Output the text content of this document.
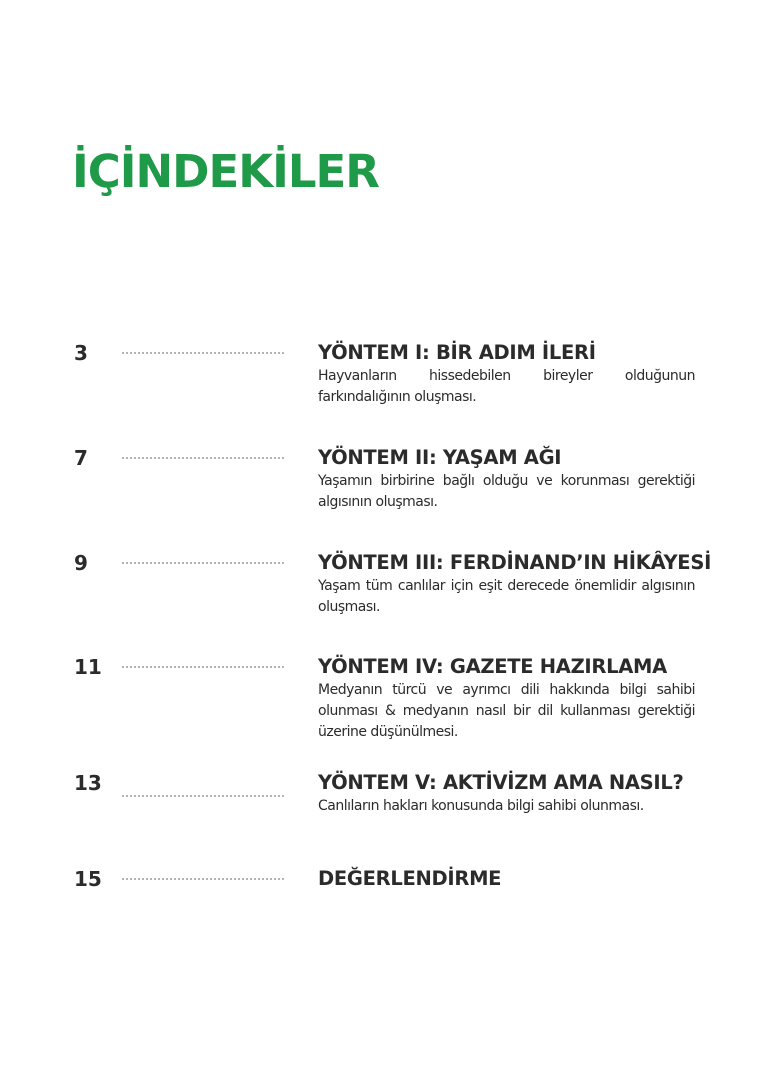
İÇİNDEKİLER
3	YÖNTEM I: BİR ADIM İLERİ
Hayvanların hissedebilen bireyler olduğunun farkındalığının oluşması.
7	YÖNTEM II: YAŞAM AĞI
Yaşamın birbirine bağlı olduğu ve korunması gerektiği algısının oluşması.
9	YÖNTEM III: FERDİNAND’IN HİKÂYESİ
Yaşam tüm canlılar için eşit derecede önemlidir algısının oluşması.
11	YÖNTEM IV: GAZETE HAZIRLAMA
Medyanın türcü ve ayrımcı dili hakkında bilgi sahibi olunması & medyanın nasıl bir dil kullanması gerektiği üzerine düşünülmesi.
13	YÖNTEM V: AKTİVİZM AMA NASIL?
Canlıların hakları konusunda bilgi sahibi olunması.
15	DEĞERLENDİRME
